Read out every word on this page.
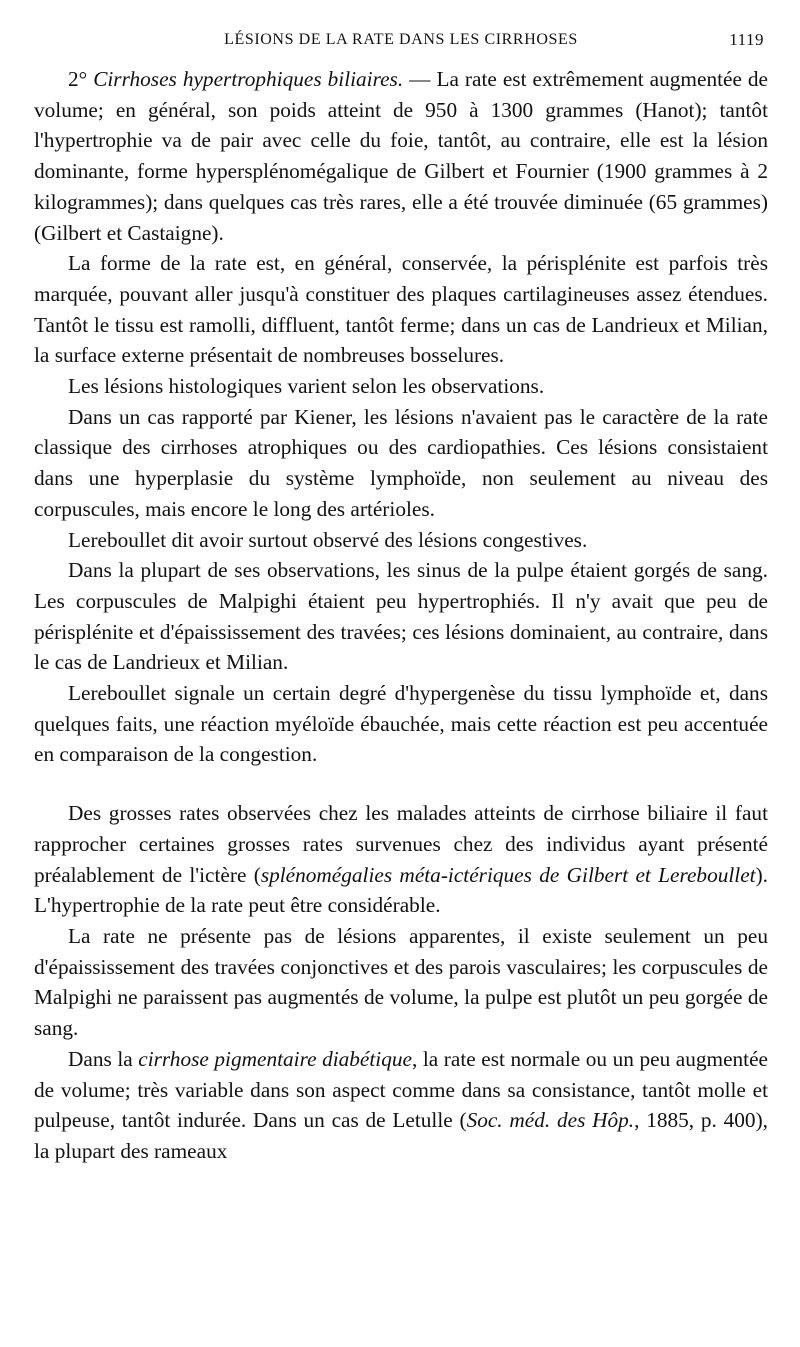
LÉSIONS DE LA RATE DANS LES CIRRHOSES	1119

2° Cirrhoses hypertrophiques biliaires. — La rate est extrêmement augmentée de volume; en général, son poids atteint de 950 à 1300 grammes (Hanot); tantôt l'hypertrophie va de pair avec celle du foie, tantôt, au contraire, elle est la lésion dominante, forme hypersplénomégalique de Gilbert et Fournier (1900 grammes à 2 kilogrammes); dans quelques cas très rares, elle a été trouvée diminuée (65 grammes) (Gilbert et Castaigne).

La forme de la rate est, en général, conservée, la périsplénite est parfois très marquée, pouvant aller jusqu'à constituer des plaques cartilagineuses assez étendues. Tantôt le tissu est ramolli, diffluent, tantôt ferme; dans un cas de Landrieux et Milian, la surface externe présentait de nombreuses bosselures.

Les lésions histologiques varient selon les observations.

Dans un cas rapporté par Kiener, les lésions n'avaient pas le caractère de la rate classique des cirrhoses atrophiques ou des cardiopathies. Ces lésions consistaient dans une hyperplasie du système lymphoïde, non seulement au niveau des corpuscules, mais encore le long des artérioles.

Lereboullet dit avoir surtout observé des lésions congestives.

Dans la plupart de ses observations, les sinus de la pulpe étaient gorgés de sang. Les corpuscules de Malpighi étaient peu hypertrophiés. Il n'y avait que peu de périsplénite et d'épaississement des travées; ces lésions dominaient, au contraire, dans le cas de Landrieux et Milian.

Lereboullet signale un certain degré d'hypergenèse du tissu lymphoïde et, dans quelques faits, une réaction myéloïde ébauchée, mais cette réaction est peu accentuée en comparaison de la congestion.

Des grosses rates observées chez les malades atteints de cirrhose biliaire il faut rapprocher certaines grosses rates survenues chez des individus ayant présenté préalablement de l'ictère (splénomégalies méta-ictériques de Gilbert et Lereboullet). L'hypertrophie de la rate peut être considérable.

La rate ne présente pas de lésions apparentes, il existe seulement un peu d'épaississement des travées conjonctives et des parois vasculaires; les corpuscules de Malpighi ne paraissent pas augmentés de volume, la pulpe est plutôt un peu gorgée de sang.

Dans la cirrhose pigmentaire diabétique, la rate est normale ou un peu augmentée de volume; très variable dans son aspect comme dans sa consistance, tantôt molle et pulpeuse, tantôt indurée. Dans un cas de Letulle (Soc. méd. des Hôp., 1885, p. 400), la plupart des rameaux
